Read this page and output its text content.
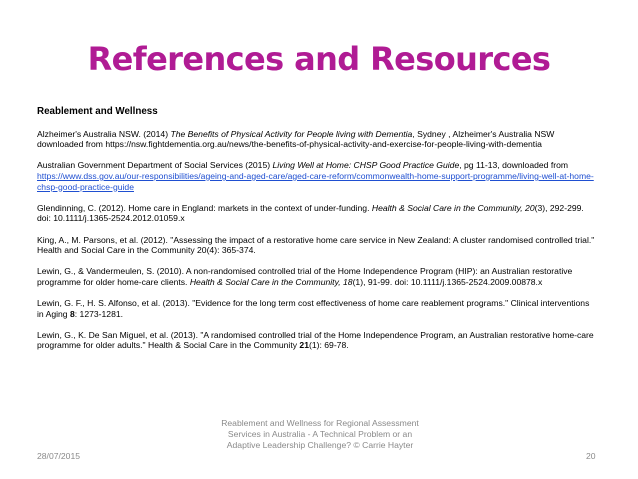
References and Resources
Reablement and Wellness
Alzheimer's Australia NSW. (2014) The Benefits of Physical Activity for People living with Dementia, Sydney , Alzheimer's Australia NSW downloaded from https://nsw.fightdementia.org.au/news/the-benefits-of-physical-activity-and-exercise-for-people-living-with-dementia
Australian Government Department of Social Services (2015) Living Well at Home: CHSP Good Practice Guide, pg 11-13, downloaded from https://www.dss.gov.au/our-responsibilities/ageing-and-aged-care/aged-care-reform/commonwealth-home-support-programme/living-well-at-home-chsp-good-practice-guide
Glendinning, C. (2012). Home care in England: markets in the context of under-funding. Health & Social Care in the Community, 20(3), 292-299. doi: 10.1111/j.1365-2524.2012.01059.x
King, A., M. Parsons, et al. (2012). "Assessing the impact of a restorative home care service in New Zealand: A cluster randomised controlled trial." Health and Social Care in the Community 20(4): 365-374.
Lewin, G., & Vandermeulen, S. (2010). A non-randomised controlled trial of the Home Independence Program (HIP): an Australian restorative programme for older home-care clients. Health & Social Care in the Community, 18(1), 91-99. doi: 10.1111/j.1365-2524.2009.00878.x
Lewin, G. F., H. S. Alfonso, et al. (2013). "Evidence for the long term cost effectiveness of home care reablement programs." Clinical interventions in Aging 8: 1273-1281.
Lewin, G., K. De San Miguel, et al. (2013). "A randomised controlled trial of the Home Independence Program, an Australian restorative home-care programme for older adults." Health & Social Care in the Community 21(1): 69-78.
28/07/2015
Reablement and Wellness for Regional Assessment Services in Australia - A Technical Problem or an Adaptive Leadership Challenge? © Carrie Hayter
20
